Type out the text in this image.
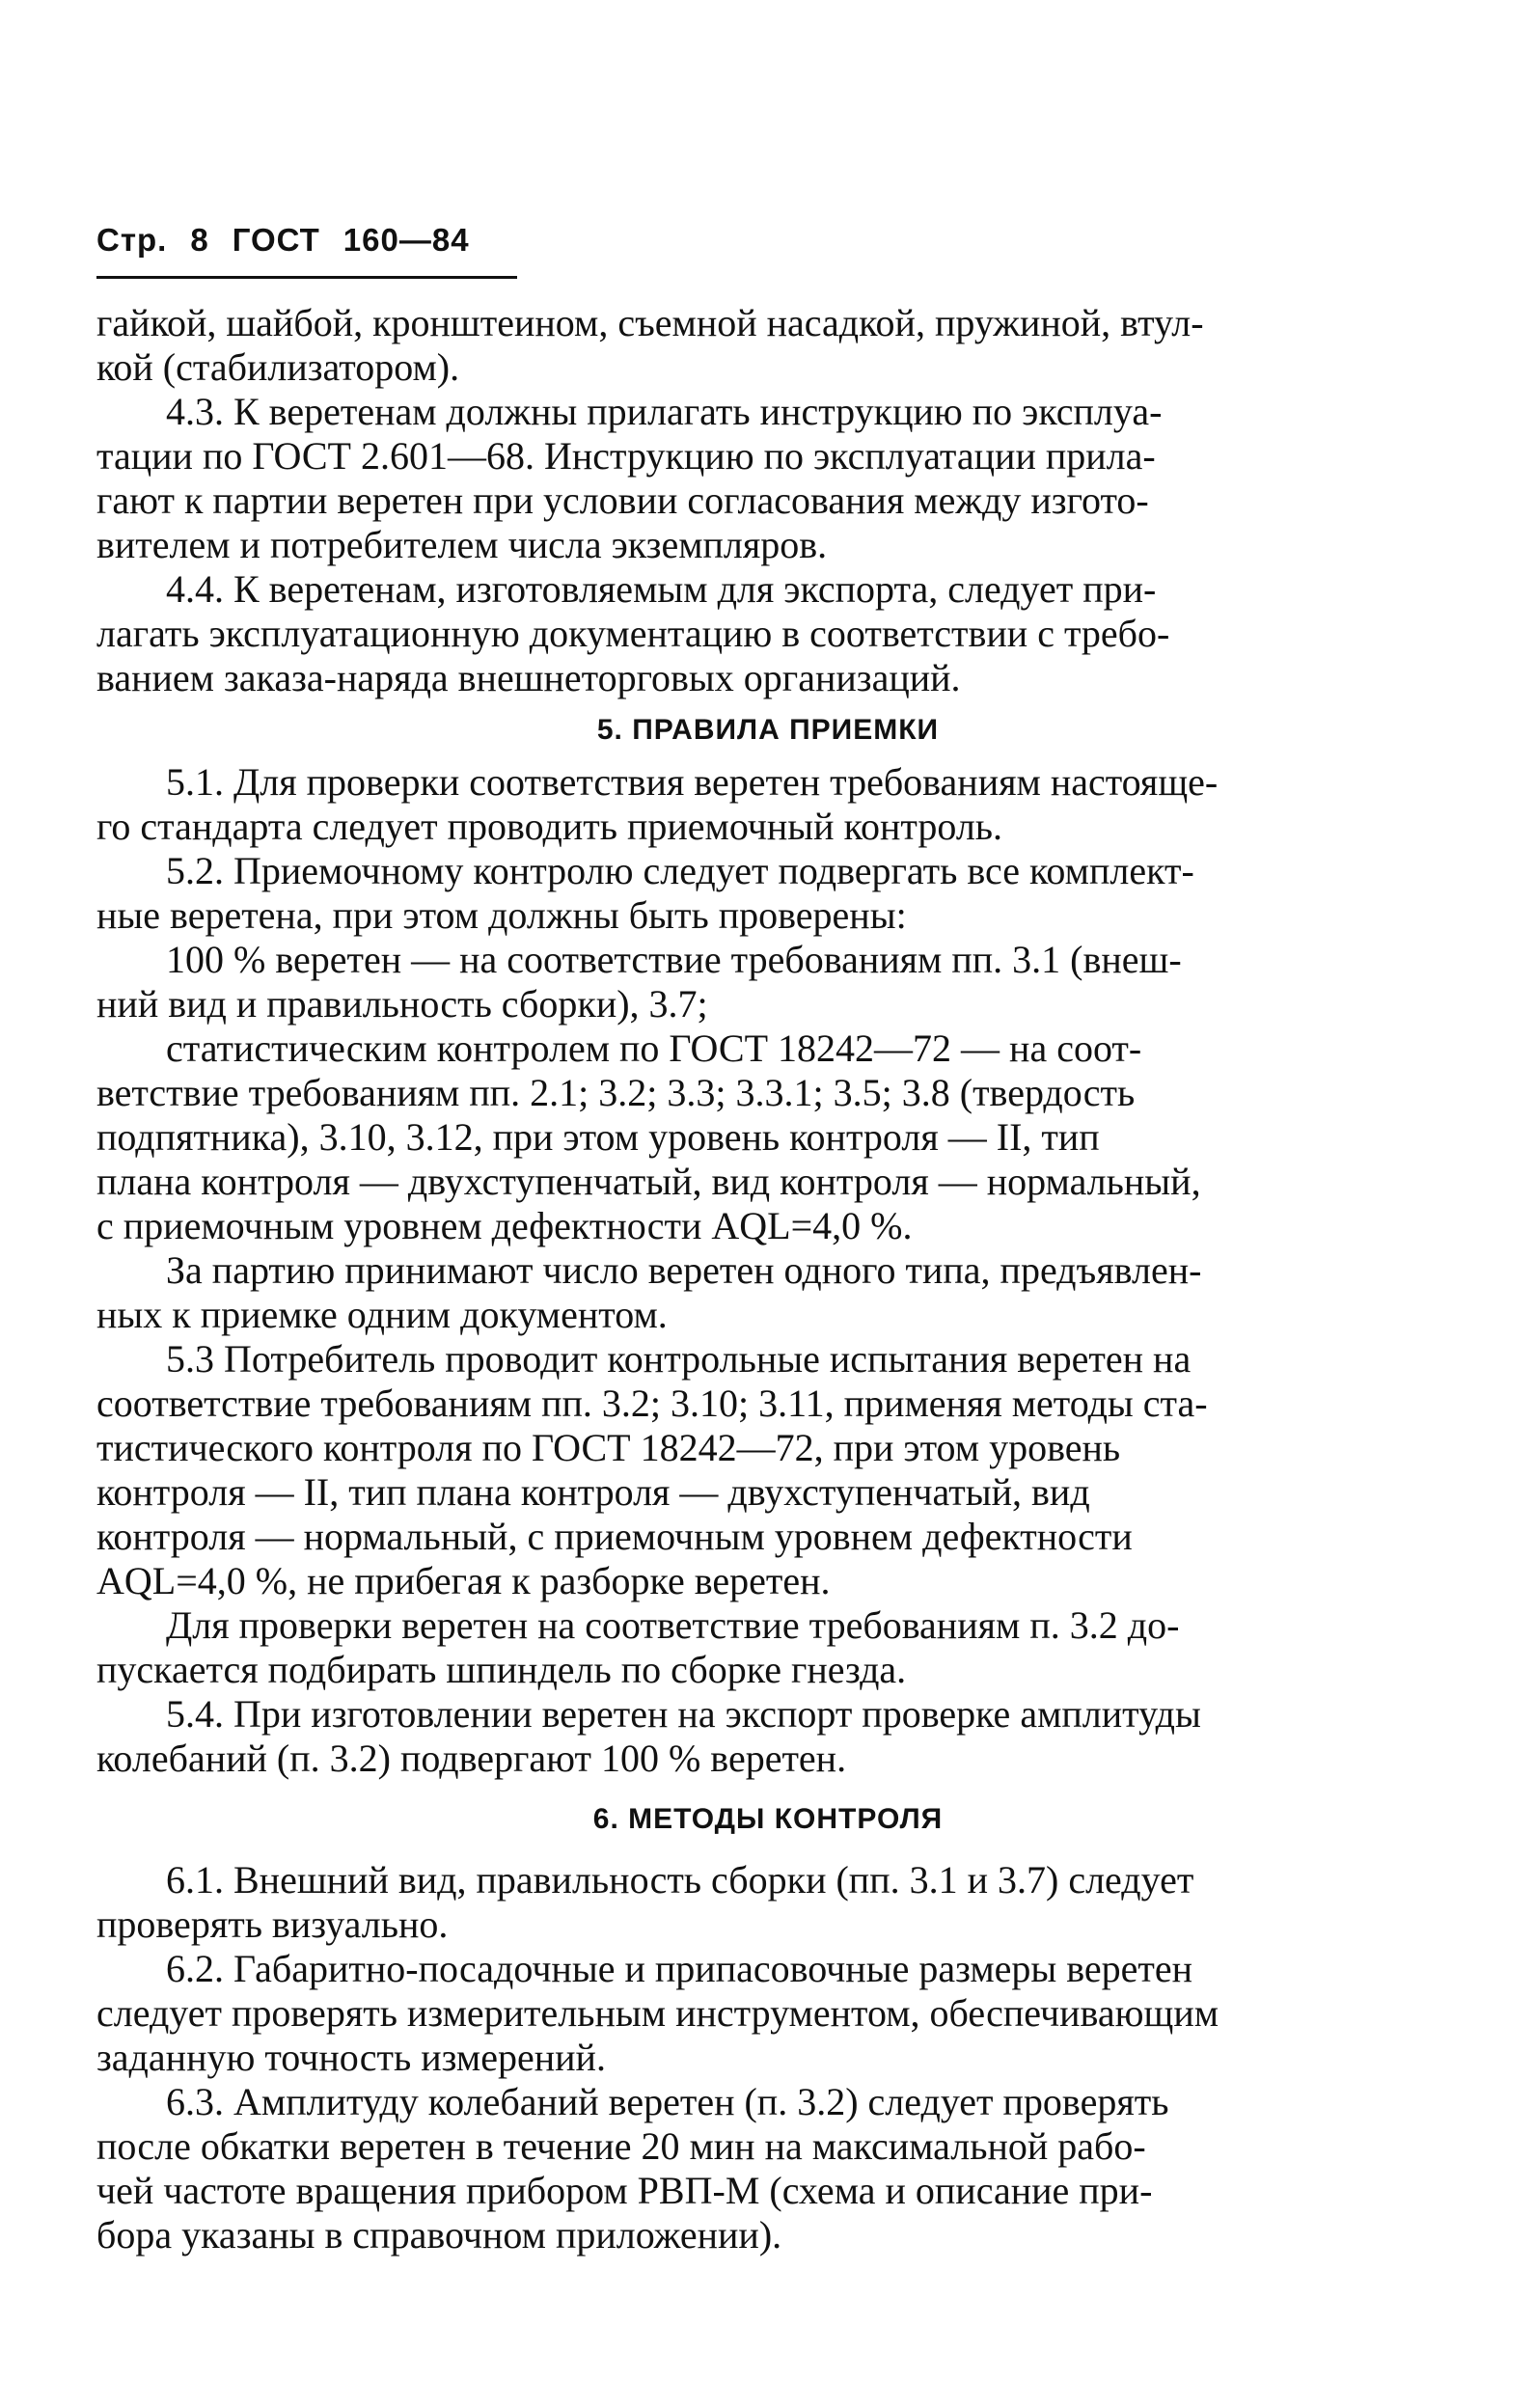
Стр. 8 ГОСТ 160—84

гайкой, шайбой, кронштеином, съемной насадкой, пружиной, втул-
кой (стабилизатором).

4.3. К веретенам должны прилагать инструкцию по эксплуа-
тации по ГОСТ 2.601—68. Инструкцию по эксплуатации прила-
гают к партии веретен при условии согласования между изгото-
вителем и потребителем числа экземпляров.

4.4. К веретенам, изготовляемым для экспорта, следует при-
лагать эксплуатационную документацию в соответствии с требо-
ванием заказа-наряда внешнеторговых организаций.

5. ПРАВИЛА ПРИЕМКИ

5.1. Для проверки соответствия веретен требованиям настояще-
го стандарта следует проводить приемочный контроль.

5.2. Приемочному контролю следует подвергать все комплект-
ные веретена, при этом должны быть проверены:

100 % веретен — на соответствие требованиям пп. 3.1 (внеш-
ний вид и правильность сборки), 3.7;

статистическим контролем по ГОСТ 18242—72 — на соот-
ветствие требованиям пп. 2.1; 3.2; 3.3; 3.3.1; 3.5; 3.8 (твердость
подпятника), 3.10, 3.12, при этом уровень контроля — II, тип
плана контроля — двухступенчатый, вид контроля — нормальный,
с приемочным уровнем дефектности AQL=4,0 %.

За партию принимают число веретен одного типа, предъявлен-
ных к приемке одним документом.

5.3 Потребитель проводит контрольные испытания веретен на
соответствие требованиям пп. 3.2; 3.10; 3.11, применяя методы ста-
тистического контроля по ГОСТ 18242—72, при этом уровень
контроля — II, тип плана контроля — двухступенчатый, вид
контроля — нормальный, с приемочным уровнем дефектности
AQL=4,0 %, не прибегая к разборке веретен.

Для проверки веретен на соответствие требованиям п. 3.2 до-
пускается подбирать шпиндель по сборке гнезда.

5.4. При изготовлении веретен на экспорт проверке амплитуды
колебаний (п. 3.2) подвергают 100 % веретен.

6. МЕТОДЫ КОНТРОЛЯ

6.1. Внешний вид, правильность сборки (пп. 3.1 и 3.7) следует
проверять визуально.

6.2. Габаритно-посадочные и припасовочные размеры веретен
следует проверять измерительным инструментом, обеспечивающим
заданную точность измерений.

6.3. Амплитуду колебаний веретен (п. 3.2) следует проверять
после обкатки веретен в течение 20 мин на максимальной рабо-
чей частоте вращения прибором РВП-М (схема и описание при-
бора указаны в справочном приложении).
